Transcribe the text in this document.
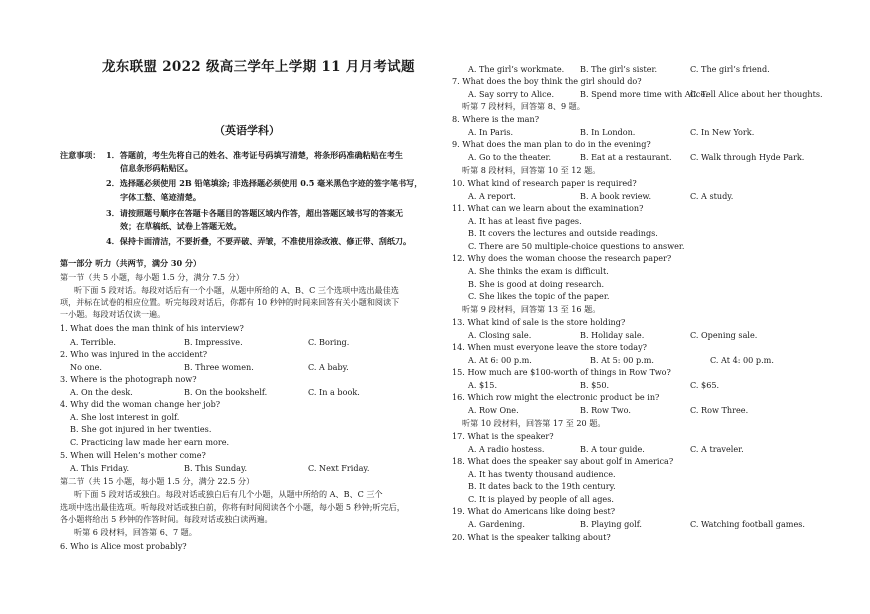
龙东联盟 2022 级高三学年上学期 11 月月考试题
（英语学科）
注意事项： 1．答题前，考生先将自己的姓名、准考证号码填写清楚，将条形码准确粘贴在考生
信息条形码粘贴区。
2．选择题必须使用 2B 铅笔填涂; 非选择题必须使用 0.5 毫米黑色字迹的签字笔书写，
字体工整、笔迹清楚。
3．请按照题号顺序在答题卡各题目的答题区域内作答，超出答题区域书写的答案无
效；在草稿纸、试卷上答题无效。
4．保持卡面清洁，不要折叠，不要弄破、弄皱，不准使用涂改液、修正带、刮纸刀。
第一部分 听力（共两节，满分 30 分）
第一节（共 5 小题，每小题 1.5 分，满分 7.5 分）
听下面 5 段对话。每段对话后有一个小题，从题中所给的 A、B、C 三个选项中选出最佳选
项，并标在试卷的相应位置。听完每段对话后，你都有 10 秒钟的时间来回答有关小题和阅读下
一小题。每段对话仅读一遍。
1. What does the man think of his interview?
A. Terrible.	B. Impressive.	C. Boring.
2. Who was injured in the accident?
No one.	B. Three women.	C. A baby.
3. Where is the photograph now?
A. On the desk.	B. On the bookshelf.	C. In a book.
4. Why did the woman change her job?
A. She lost interest in golf.
B. She got injured in her twenties.
C. Practicing law made her earn more.
5. When will Helen’s mother come?
A. This Friday.	B. This Sunday.	C. Next Friday.
第二节（共 15 小题，每小题 1.5 分，满分 22.5 分）
听下面 5 段对话或独白。每段对话或独白后有几个小题，从题中所给的 A、B、C 三个
选项中选出最佳选项。听每段对话或独白前，你将有时间阅读各个小题，每小题 5 秒钟;听完后，
各小题将给出 5 秒钟的作答时间。每段对话或独白读两遍。
听第 6 段材料，回答第 6、7 题。
6. Who is Alice most probably?
A. The girl’s workmate. B. The girl’s sister.	C. The girl’s friend.
7. What does the boy think the girl should do?
A. Say sorry to Alice.	B. Spend more time with Alice.
C. Tell Alice about her thoughts.
听第 7 段材料，回答第 8、9 题。
8. Where is the man?
A. In Paris.	B. In London.	C. In New York.
9. What does the man plan to do in the evening?
A. Go to the theater.	B. Eat at a restaurant. C. Walk through Hyde Park.
听第 8 段材料，回答第 10 至 12 题。
10. What kind of research paper is required?
A. A report.	B. A book review.	C. A study.
11. What can we learn about the examination?
A. It has at least five pages.
B. It covers the lectures and outside readings.
C. There are 50 multiple-choice questions to answer.
12. Why does the woman choose the research paper?
A. She thinks the exam is difficult.
B. She is good at doing research.
C. She likes the topic of the paper.
听第 9 段材料，回答第 13 至 16 题。
13. What kind of sale is the store holding?
A. Closing sale.	B. Holiday sale.	C. Opening sale.
14. When must everyone leave the store today?
A. At 6: 00 p.m.	B. At 5: 00 p.m.	C. At 4: 00 p.m.
15. How much are $100-worth of things in Row Two?
A. $15.	B. $50.	C. $65.
16. Which row might the electronic product be in?
A. Row One.	B. Row Two.	C. Row Three.
听第 10 段材料，回答第 17 至 20 题。
17. What is the speaker?
A. A radio hostess.	B. A tour guide.	C. A traveler.
18. What does the speaker say about golf in America?
A. It has twenty thousand audience.
B. It dates back to the 19th century.
C. It is played by people of all ages.
19. What do Americans like doing best?
A. Gardening.	B. Playing golf.	C. Watching football games.
20. What is the speaker talking about?
